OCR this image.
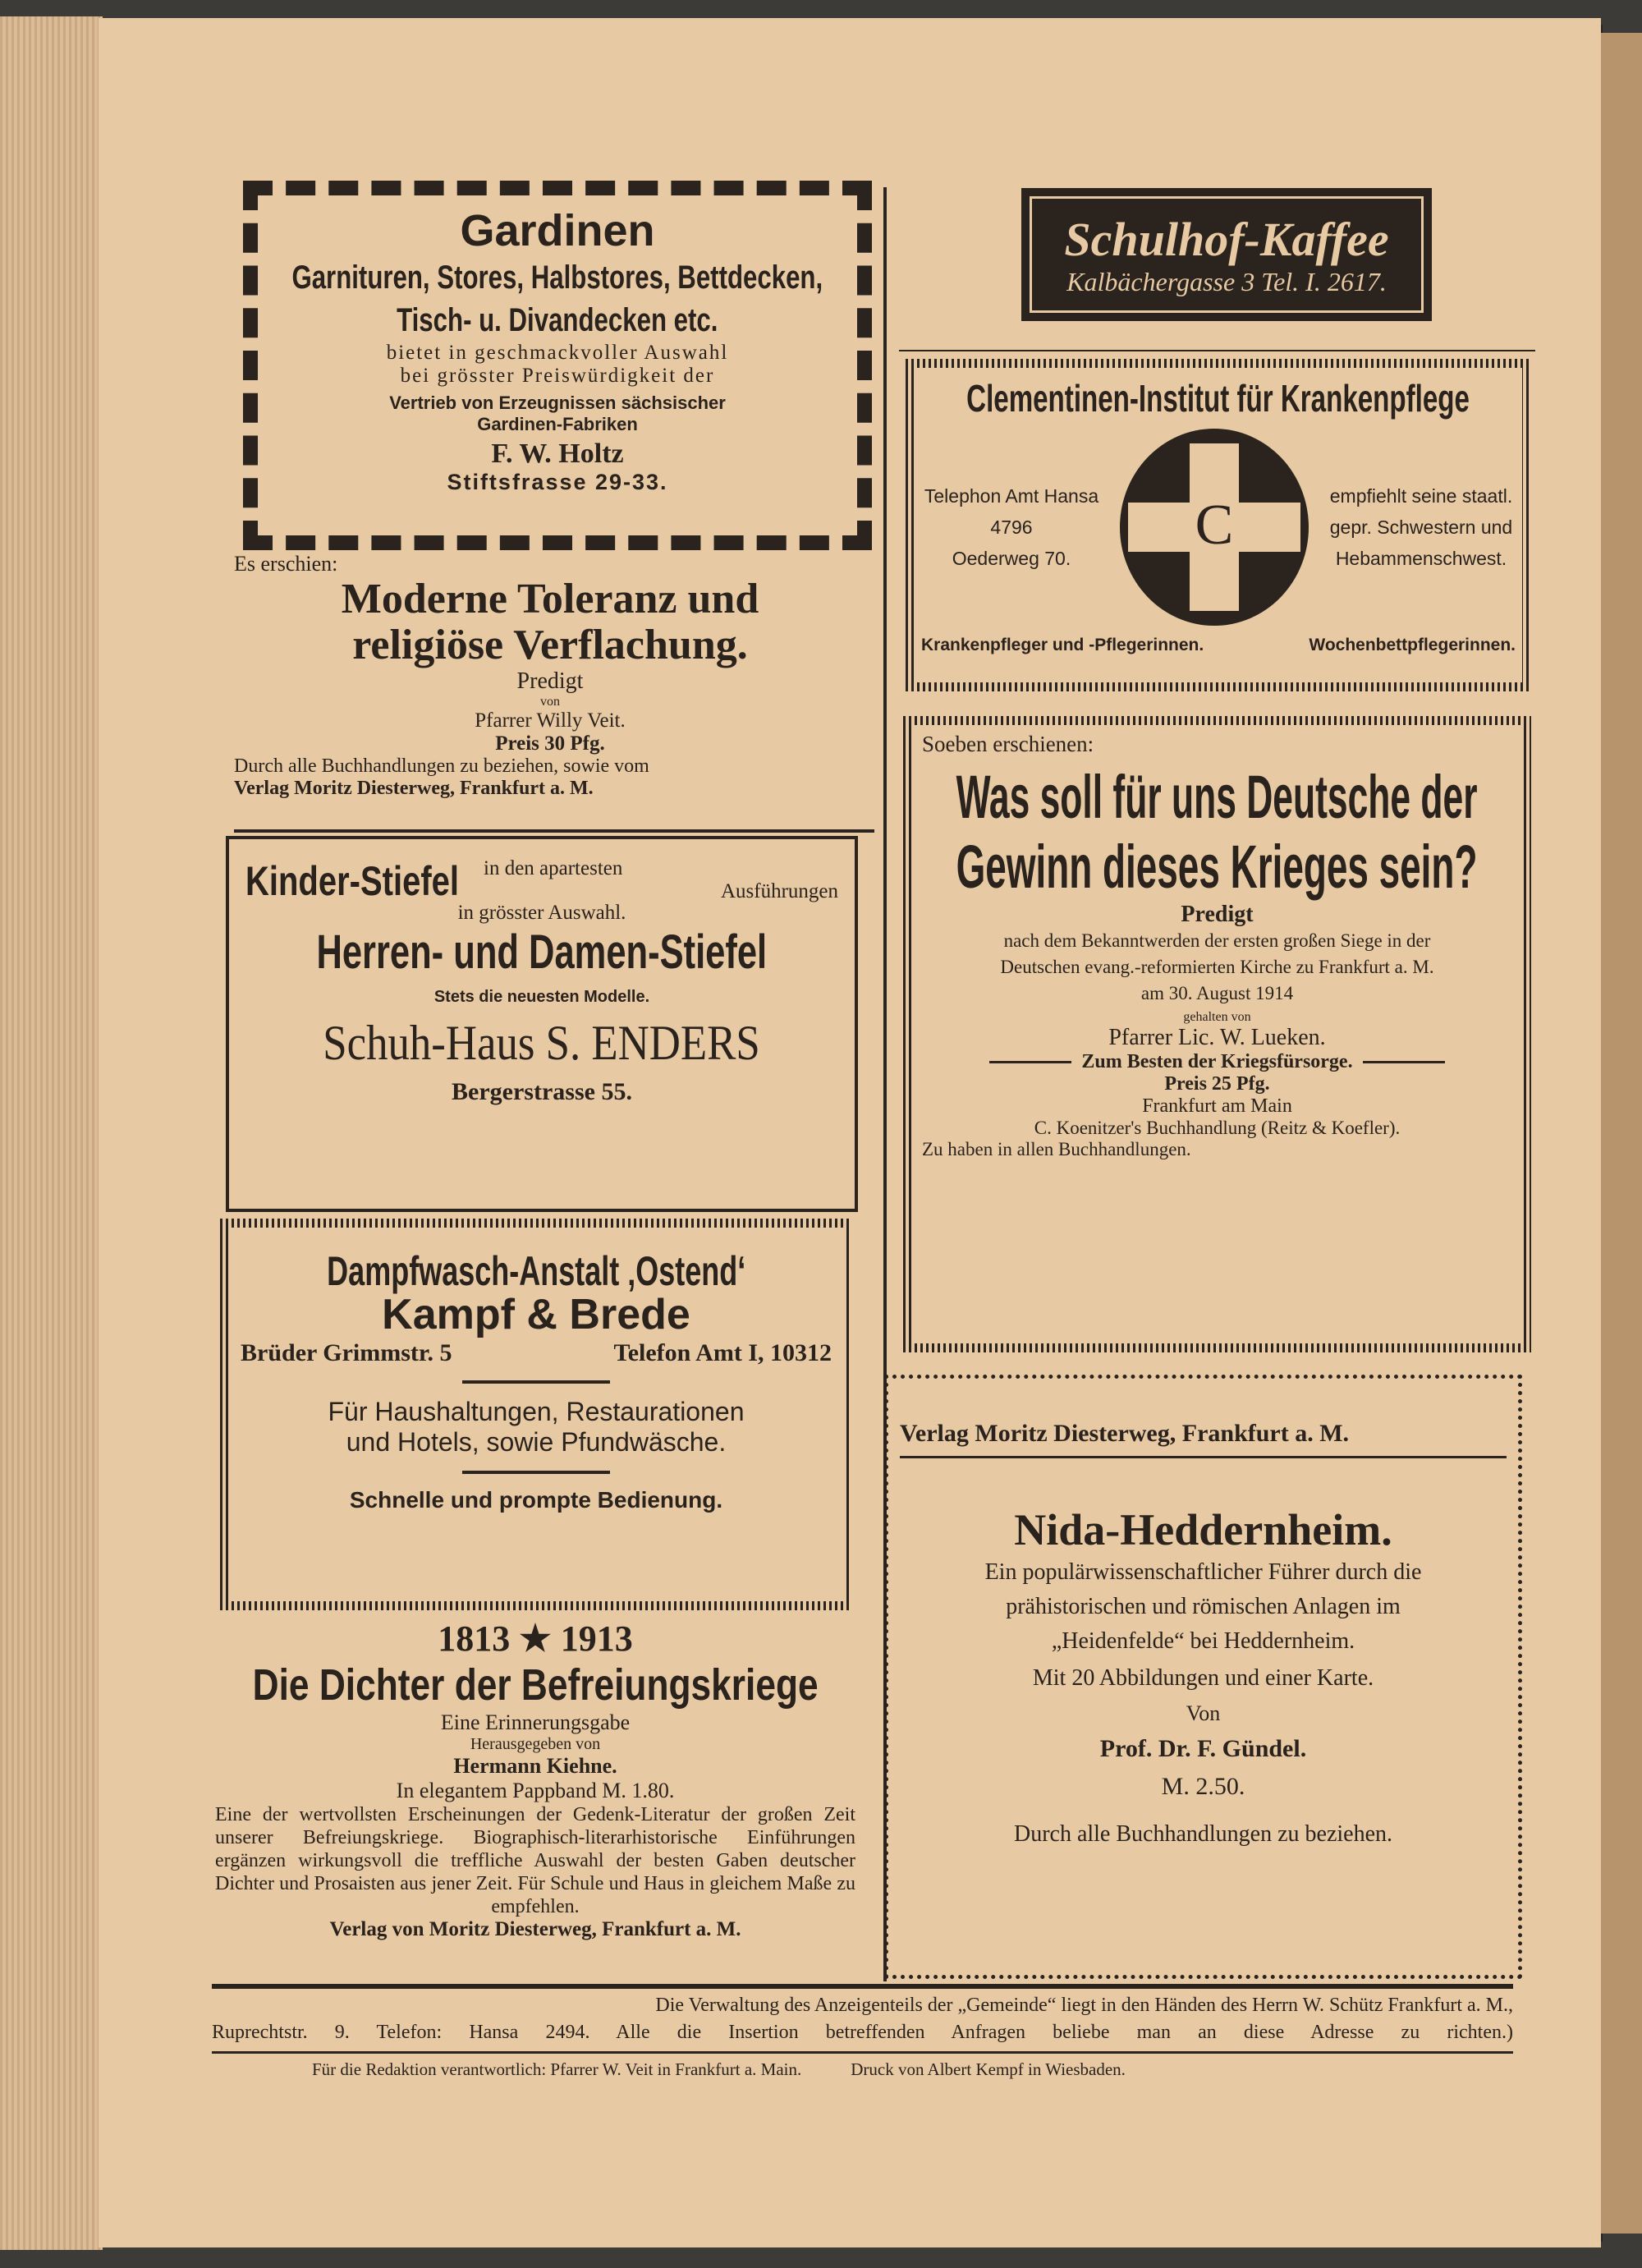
Gardinen

Garnituren, Stores, Halbstores, Bettdecken, Tisch- u. Divandecken etc.

bietet in geschmackvoller Auswahl

bei grösster Preiswürdigkeit der

Vertrieb von Erzeugnissen sächsischer Gardinen-Fabriken

F. W. Holtz

Stiftsfrasse 29-33.

Es erschien:

Moderne Toleranz und

religiöse Verflachung.

Predigt

von

Pfarrer Willy Veit.

Preis 30 Pfg.

Durch alle Buchhandlungen zu beziehen, sowie vom

Verlag Moritz Diesterweg, Frankfurt a. M.

Kinder-Stiefel in den apartesten

Ausführungen

in grösster Auswahl.

Herren- und Damen-Stiefel

Stets die neuesten Modelle.

Schuh-Haus S. ENDERS

Bergerstrasse 55.

Dampfwasch-Anstalt ‚Ostend‘

Kampf & Brede

Brüder Grimmstr. 5	Telefon Amt I, 10312

Für Haushaltungen, Restaurationen

und Hotels, sowie Pfundwäsche.

Schnelle und prompte Bedienung.

1813 ★ 1913

Die Dichter der Befreiungskriege

Eine Erinnerungsgabe

Herausgegeben von

Hermann Kiehne.

In elegantem Pappband M. 1.80.

Eine der wertvollsten Erscheinungen der Gedenk-Literatur der großen Zeit unserer Befreiungskriege. Biographisch-literarhistorische Einführungen ergänzen wirkungsvoll die treffliche Auswahl der besten Gaben deutscher Dichter und Prosaisten aus jener Zeit. Für Schule und Haus in gleichem Maße zu empfehlen.

Verlag von Moritz Diesterweg, Frankfurt a. M.

Schulhof-Kaffee

Kalbächergasse 3 Tel. I. 2617.

Clementinen-Institut für Krankenpflege

Telephon Amt Hansa

4796

Oederweg 70.

C	empfiehlt seine staatl.

gepr. Schwestern und

Hebammenschwest.

Krankenpfleger und -Pflegerinnen.	Wochenbettpflegerinnen.

Soeben erschienen:

Was soll für uns Deutsche der

Gewinn dieses Krieges sein?

Predigt

nach dem Bekanntwerden der ersten großen Siege in der

Deutschen evang.-reformierten Kirche zu Frankfurt a. M.

am 30. August 1914

gehalten von

Pfarrer Lic. W. Lueken.

Zum Besten der Kriegsfürsorge.

Preis 25 Pfg.

Frankfurt am Main

C. Koenitzer's Buchhandlung (Reitz & Koefler).

Zu haben in allen Buchhandlungen.

Verlag Moritz Diesterweg, Frankfurt a. M.

Nida-Heddernheim.

Ein populärwissenschaftlicher Führer durch die

prähistorischen und römischen Anlagen im

„Heidenfelde“ bei Heddernheim.

Mit 20 Abbildungen und einer Karte.

Von

Prof. Dr. F. Gündel.

M. 2.50.

Durch alle Buchhandlungen zu beziehen.

Die Verwaltung des Anzeigenteils der „Gemeinde“ liegt in den Händen des Herrn W. Schütz Frankfurt a. M.,

Ruprechtstr. 9. Telefon: Hansa 2494. Alle die Insertion betreffenden Anfragen beliebe man an diese Adresse zu richten.)

Für die Redaktion verantwortlich: Pfarrer W. Veit in Frankfurt a. Main.	Druck von Albert Kempf in Wiesbaden.
